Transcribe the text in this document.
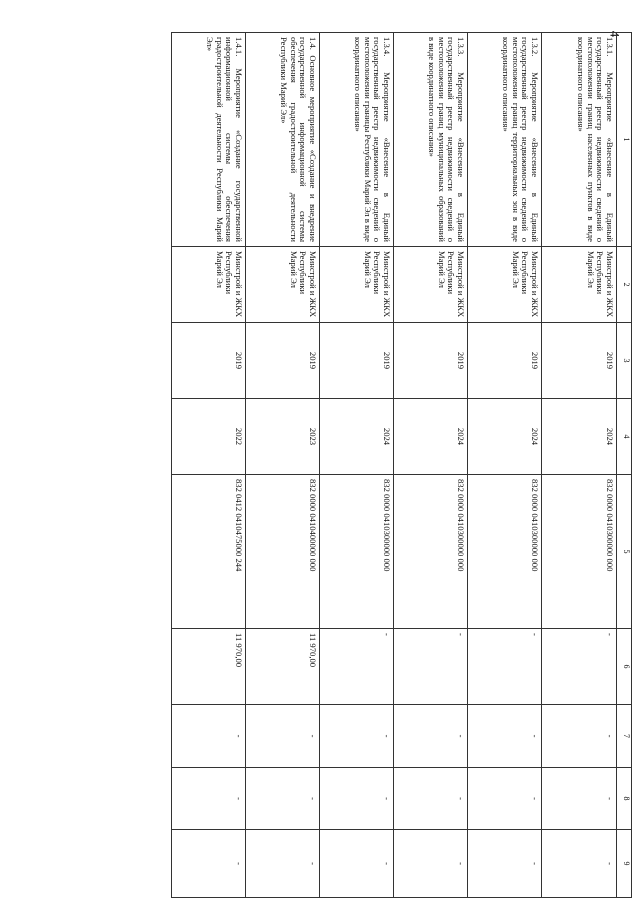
4
1	2	3	4	5	6	7	8	9
1.3.1. Мероприятие «Внесение в Единый государственный реестр недвижимости сведений о местоположении границ населенных пунктов в виде координатного описания»	Минстрой и ЖКХ Республики Марий Эл	2019	2024	832 0000 0410300000 000	-	-	-	-
1.3.2. Мероприятие «Внесение в Единый государственный реестр недвижимости сведений о местоположении границ территориальных зон в виде координатного описания»	Минстрой и ЖКХ Республики Марий Эл	2019	2024	832 0000 0410300000 000	-	-	-	-
1.3.3. Мероприятие «Внесение в Единый государственный реестр недвижимости сведений о местоположении границ муниципальных образований в виде координатного описания»	Минстрой и ЖКХ Республики Марий Эл	2019	2024	832 0000 0410300000 000	-	-	-	-
1.3.4. Мероприятие «Внесение в Единый государственный реестр недвижимости сведений о местоположении границы Республики Марий Эл в виде координатного описания»	Минстрой и ЖКХ Республики Марий Эл	2019	2024	832 0000 0410300000 000	-	-	-	-
1.4. Основное мероприятие «Создание и внедрение государственной информационной системы обеспечения градостроительной деятельности Республики Марий Эл»	Минстрой и ЖКХ Республики Марий Эл	2019	2023	832 0000 0410400000 000	11 970,00	-	-	-
1.4.1. Мероприятие «Создание государственной информационной системы обеспечения градостроительной деятельности Республики Марий Эл»	Минстрой и ЖКХ Республики Марий Эл	2019	2022	832 0412 0410475000 244	11 970,00	-	-	-
